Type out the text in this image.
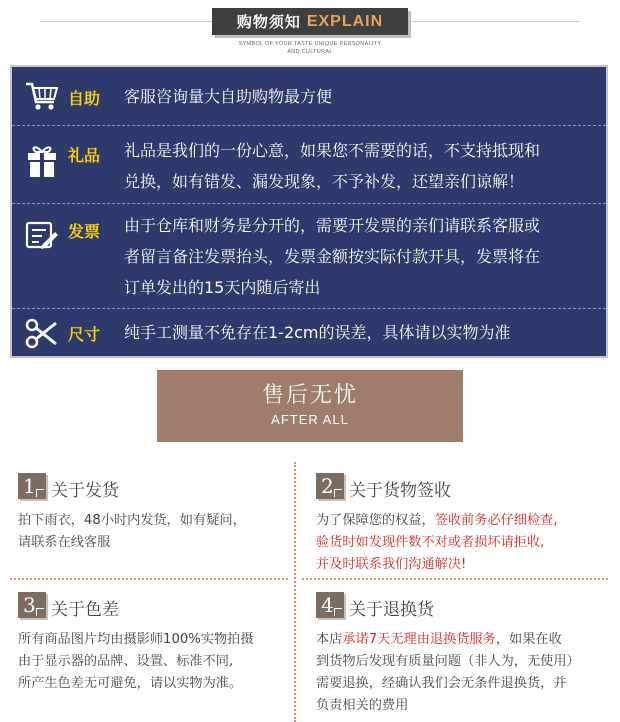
购物须知 EXPLAIN
SYMBOL OF YOUR TASTE UNIQUE PERSONALITY
AND CULTURAL
自助 客服咨询量大自助购物最方便
礼品 礼品是我们的一份心意，如果您不需要的话，不支持抵现和
兑换，如有错发、漏发现象，不予补发，还望亲们谅解！
发票 由于仓库和财务是分开的，需要开发票的亲们请联系客服或
者留言备注发票抬头，发票金额按实际付款开具，发票将在
订单发出的15天内随后寄出
尺寸 纯手工测量不免存在1-2cm的误差，具体请以实物为准
售后无忧
AFTER ALL
1 关于发货
拍下雨衣，48小时内发货，如有疑问，
请联系在线客服
2 关于货物签收
为了保障您的权益，签收前务必仔细检查,
验货时如发现件数不对或者损坏请拒收,
并及时联系我们沟通解决!
3 关于色差
所有商品图片均由摄影师100%实物拍摄
由于显示器的品牌、设置、标准不同,
所产生色差无可避免，请以实物为准。
4 关于退换货
本店承诺7天无理由退换货服务，如果在收
到货物后发现有质量问题（非人为，无使用）
需要退换，经确认我们会无条件退换货，并
负责相关的费用
